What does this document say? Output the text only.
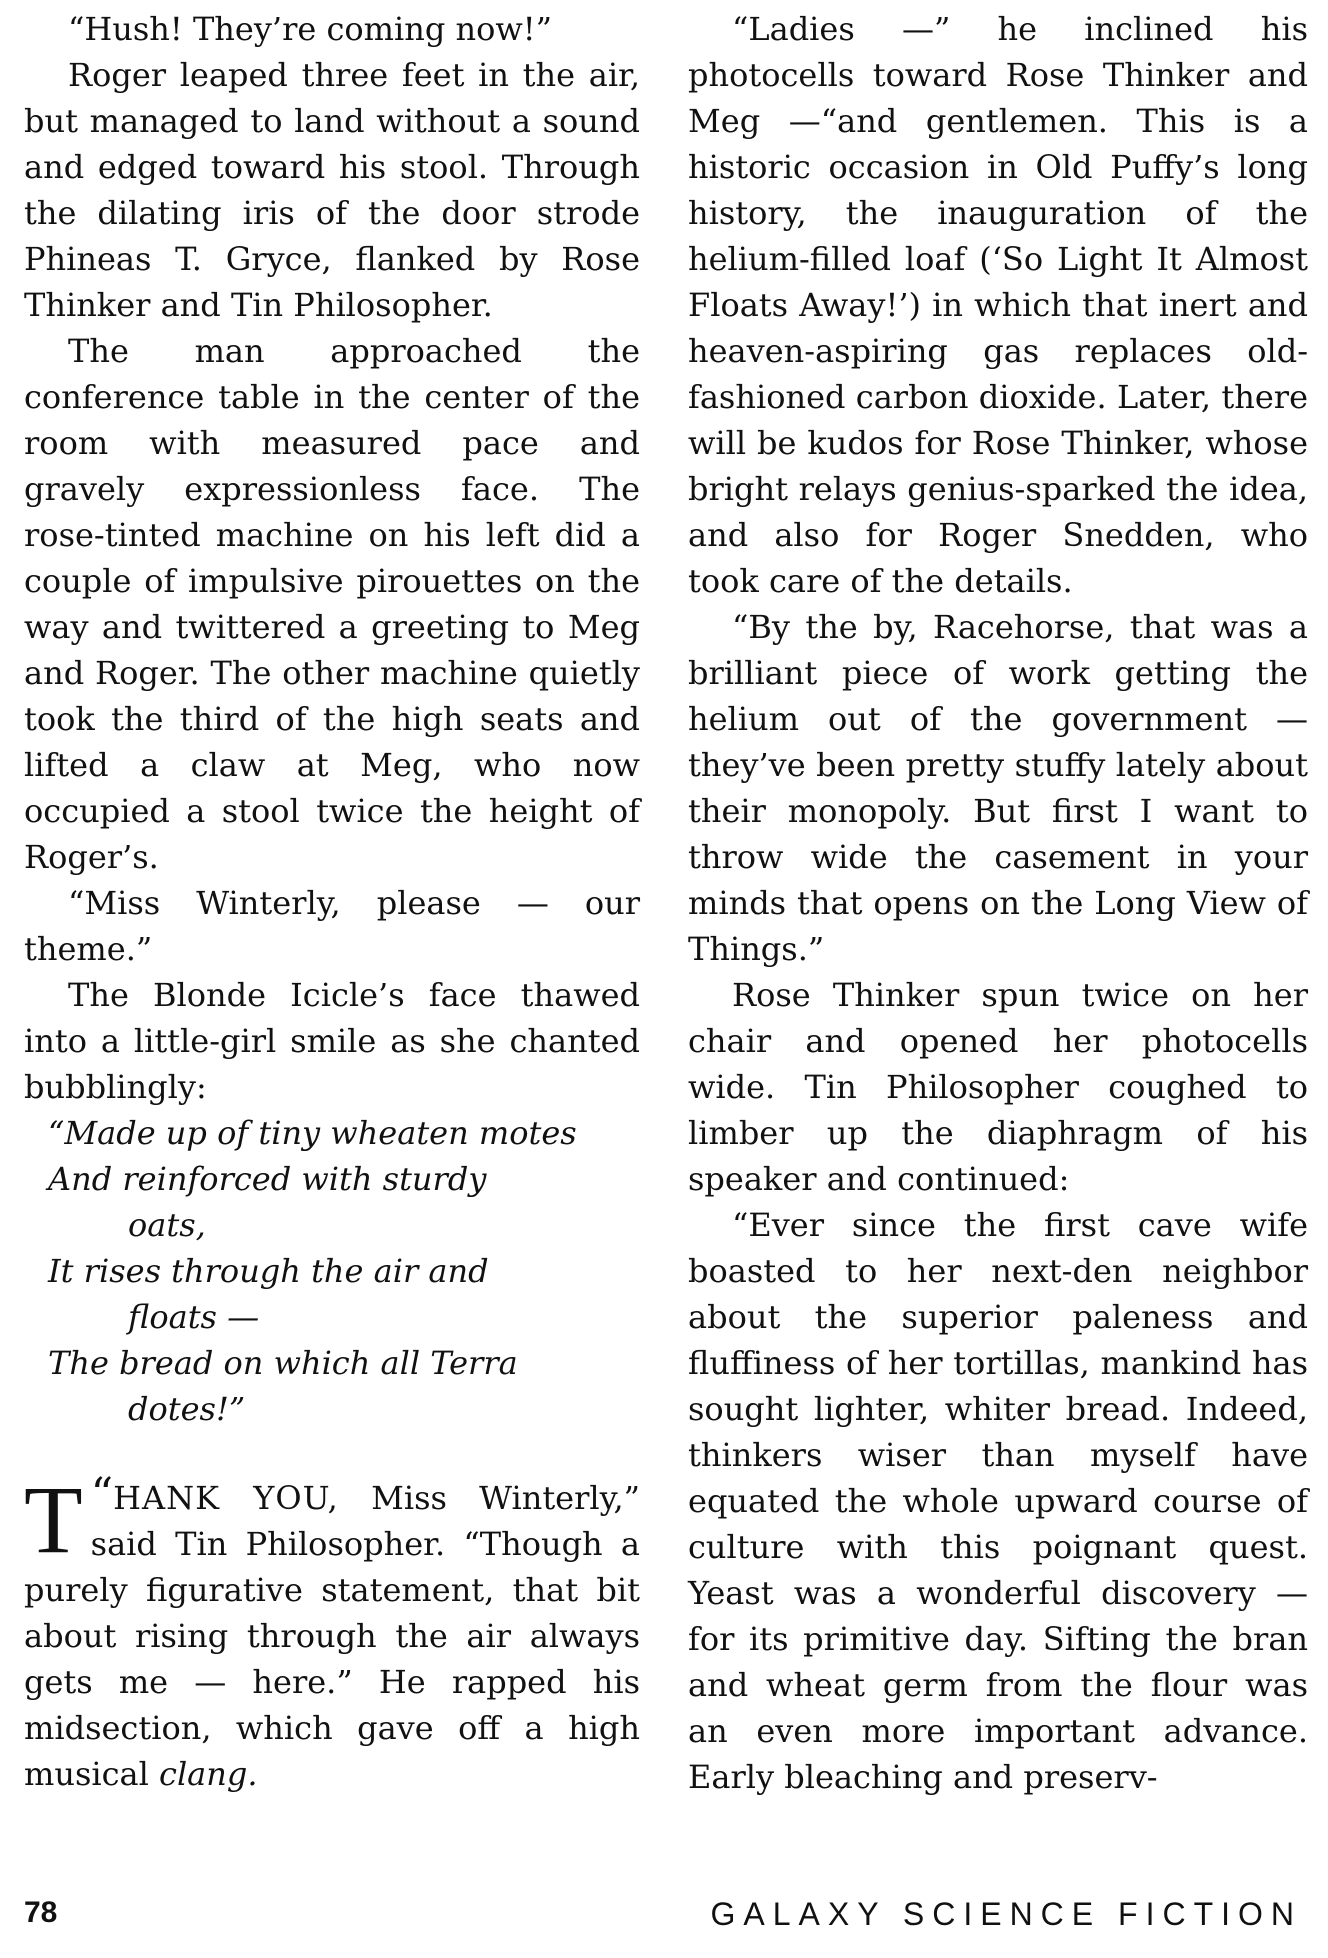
“Hush! They’re coming now!”

Roger leaped three feet in the air, but managed to land without a sound and edged toward his stool. Through the dilating iris of the door strode Phineas T. Gryce, flanked by Rose Thinker and Tin Philosopher.

The man approached the conference table in the center of the room with measured pace and gravely expressionless face. The rose-tinted machine on his left did a couple of impulsive pirouettes on the way and twittered a greeting to Meg and Roger. The other machine quietly took the third of the high seats and lifted a claw at Meg, who now occupied a stool twice the height of Roger’s.

“Miss Winterly, please — our theme.”

The Blonde Icicle’s face thawed into a little-girl smile as she chanted bubblingly:

“Made up of tiny wheaten motes
And reinforced with sturdy
oats,
It rises through the air and
floats —
The bread on which all Terra
dotes!”

“
T HANK YOU, Miss Winterly,” said Tin Philosopher. “Though a purely figurative statement, that bit about rising through the air always gets me — here.” He rapped his midsection, which gave off a high musical clang.

“Ladies —” he inclined his photocells toward Rose Thinker and Meg —“and gentlemen. This is a historic occasion in Old Puffy’s long history, the inauguration of the helium-filled loaf (‘So Light It Almost Floats Away!’) in which that inert and heaven-aspiring gas replaces old-fashioned carbon dioxide. Later, there will be kudos for Rose Thinker, whose bright relays genius-sparked the idea, and also for Roger Snedden, who took care of the details.

“By the by, Racehorse, that was a brilliant piece of work getting the helium out of the government — they’ve been pretty stuffy lately about their monopoly. But first I want to throw wide the casement in your minds that opens on the Long View of Things.”

Rose Thinker spun twice on her chair and opened her photocells wide. Tin Philosopher coughed to limber up the diaphragm of his speaker and continued:

“Ever since the first cave wife boasted to her next-den neighbor about the superior paleness and fluffiness of her tortillas, mankind has sought lighter, whiter bread. Indeed, thinkers wiser than myself have equated the whole upward course of culture with this poignant quest. Yeast was a wonderful discovery — for its primitive day. Sifting the bran and wheat germ from the flour was an even more important advance. Early bleaching and preserv-

78	GALAXY SCIENCE FICTION
